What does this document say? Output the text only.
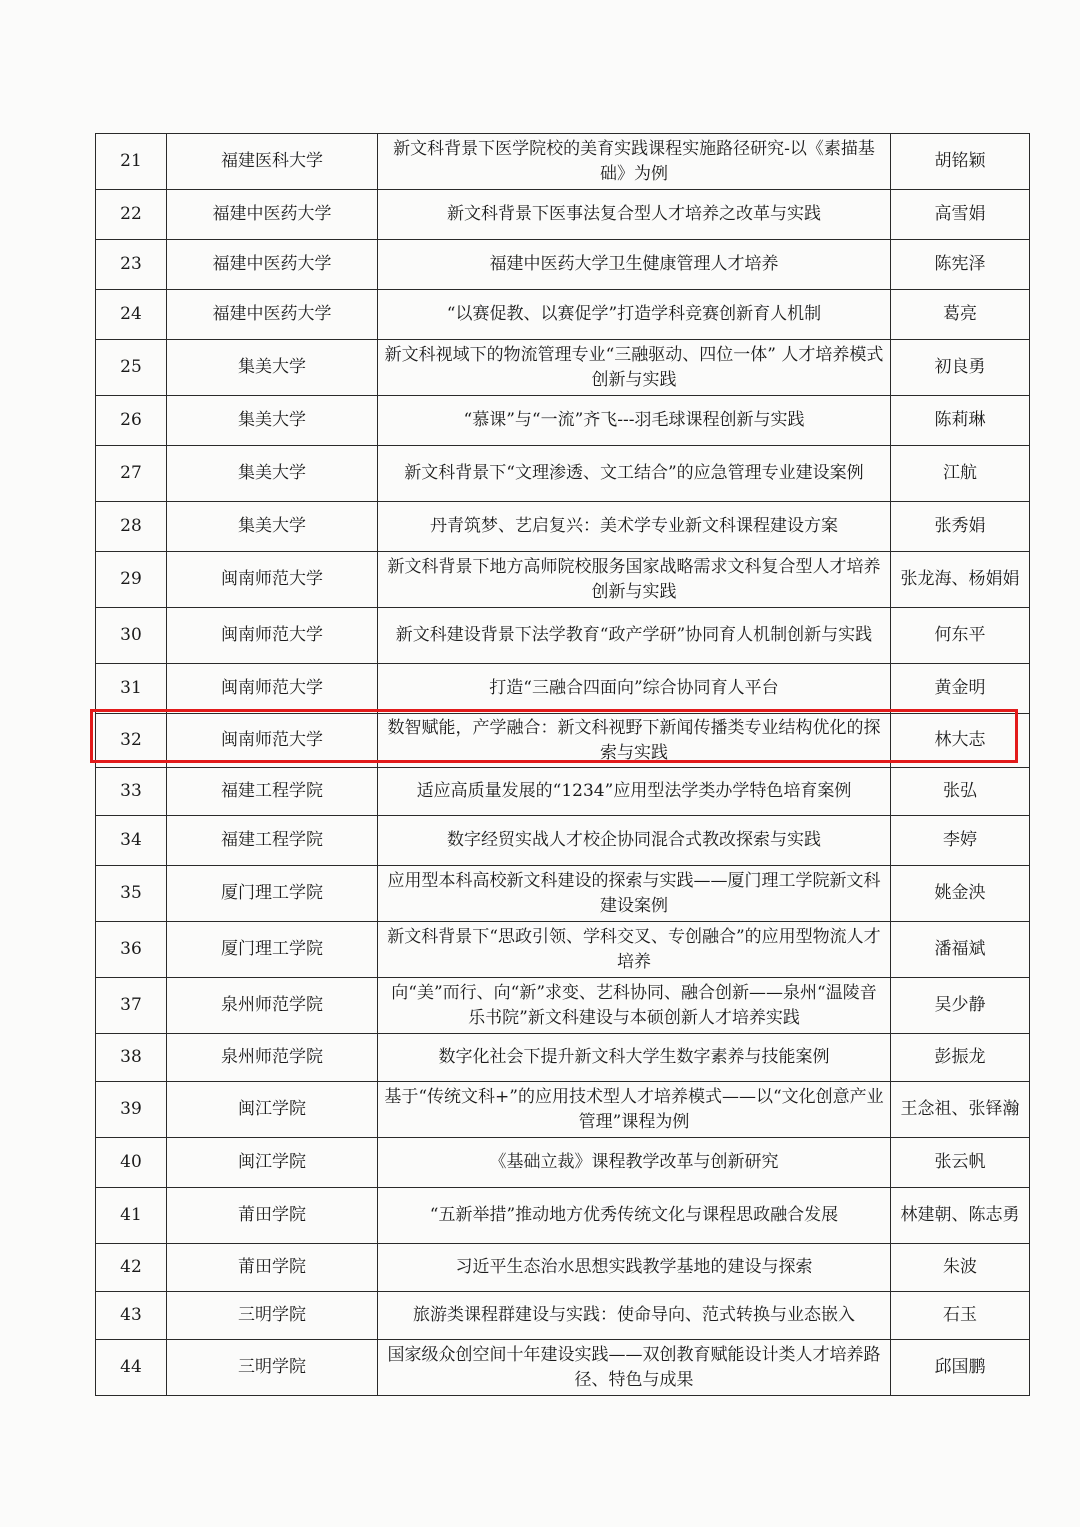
21	福建医科大学	新文科背景下医学院校的美育实践课程实施路径研究-以《素描基础》为例	胡铭颖
22	福建中医药大学	新文科背景下医事法复合型人才培养之改革与实践	高雪娟
23	福建中医药大学	福建中医药大学卫生健康管理人才培养	陈宪泽
24	福建中医药大学	“以赛促教、以赛促学”打造学科竞赛创新育人机制	葛亮
25	集美大学	新文科视域下的物流管理专业“三融驱动、四位一体” 人才培养模式创新与实践	初良勇
26	集美大学	“慕课”与“一流”齐飞---羽毛球课程创新与实践	陈莉琳
27	集美大学	新文科背景下“文理渗透、文工结合”的应急管理专业建设案例	江航
28	集美大学	丹青筑梦、艺启复兴：美术学专业新文科课程建设方案	张秀娟
29	闽南师范大学	新文科背景下地方高师院校服务国家战略需求文科复合型人才培养创新与实践	张龙海、杨娟娟
30	闽南师范大学	新文科建设背景下法学教育“政产学研”协同育人机制创新与实践	何东平
31	闽南师范大学	打造“三融合四面向”综合协同育人平台	黄金明
32	闽南师范大学	数智赋能，产学融合：新文科视野下新闻传播类专业结构优化的探索与实践	林大志
33	福建工程学院	适应高质量发展的“1234”应用型法学类办学特色培育案例	张弘
34	福建工程学院	数字经贸实战人才校企协同混合式教改探索与实践	李婷
35	厦门理工学院	应用型本科高校新文科建设的探索与实践——厦门理工学院新文科建设案例	姚金泱
36	厦门理工学院	新文科背景下“思政引领、学科交叉、专创融合”的应用型物流人才培养	潘福斌
37	泉州师范学院	向“美”而行、向“新”求变、艺科协同、融合创新——泉州“温陵音乐书院”新文科建设与本硕创新人才培养实践	吴少静
38	泉州师范学院	数字化社会下提升新文科大学生数字素养与技能案例	彭振龙
39	闽江学院	基于“传统文科+”的应用技术型人才培养模式——以“文化创意产业管理”课程为例	王念祖、张铎瀚
40	闽江学院	《基础立裁》课程教学改革与创新研究	张云帆
41	莆田学院	“五新举措”推动地方优秀传统文化与课程思政融合发展	林建朝、陈志勇
42	莆田学院	习近平生态治水思想实践教学基地的建设与探索	朱波
43	三明学院	旅游类课程群建设与实践：使命导向、范式转换与业态嵌入	石玉
44	三明学院	国家级众创空间十年建设实践——双创教育赋能设计类人才培养路径、特色与成果	邱国鹏
